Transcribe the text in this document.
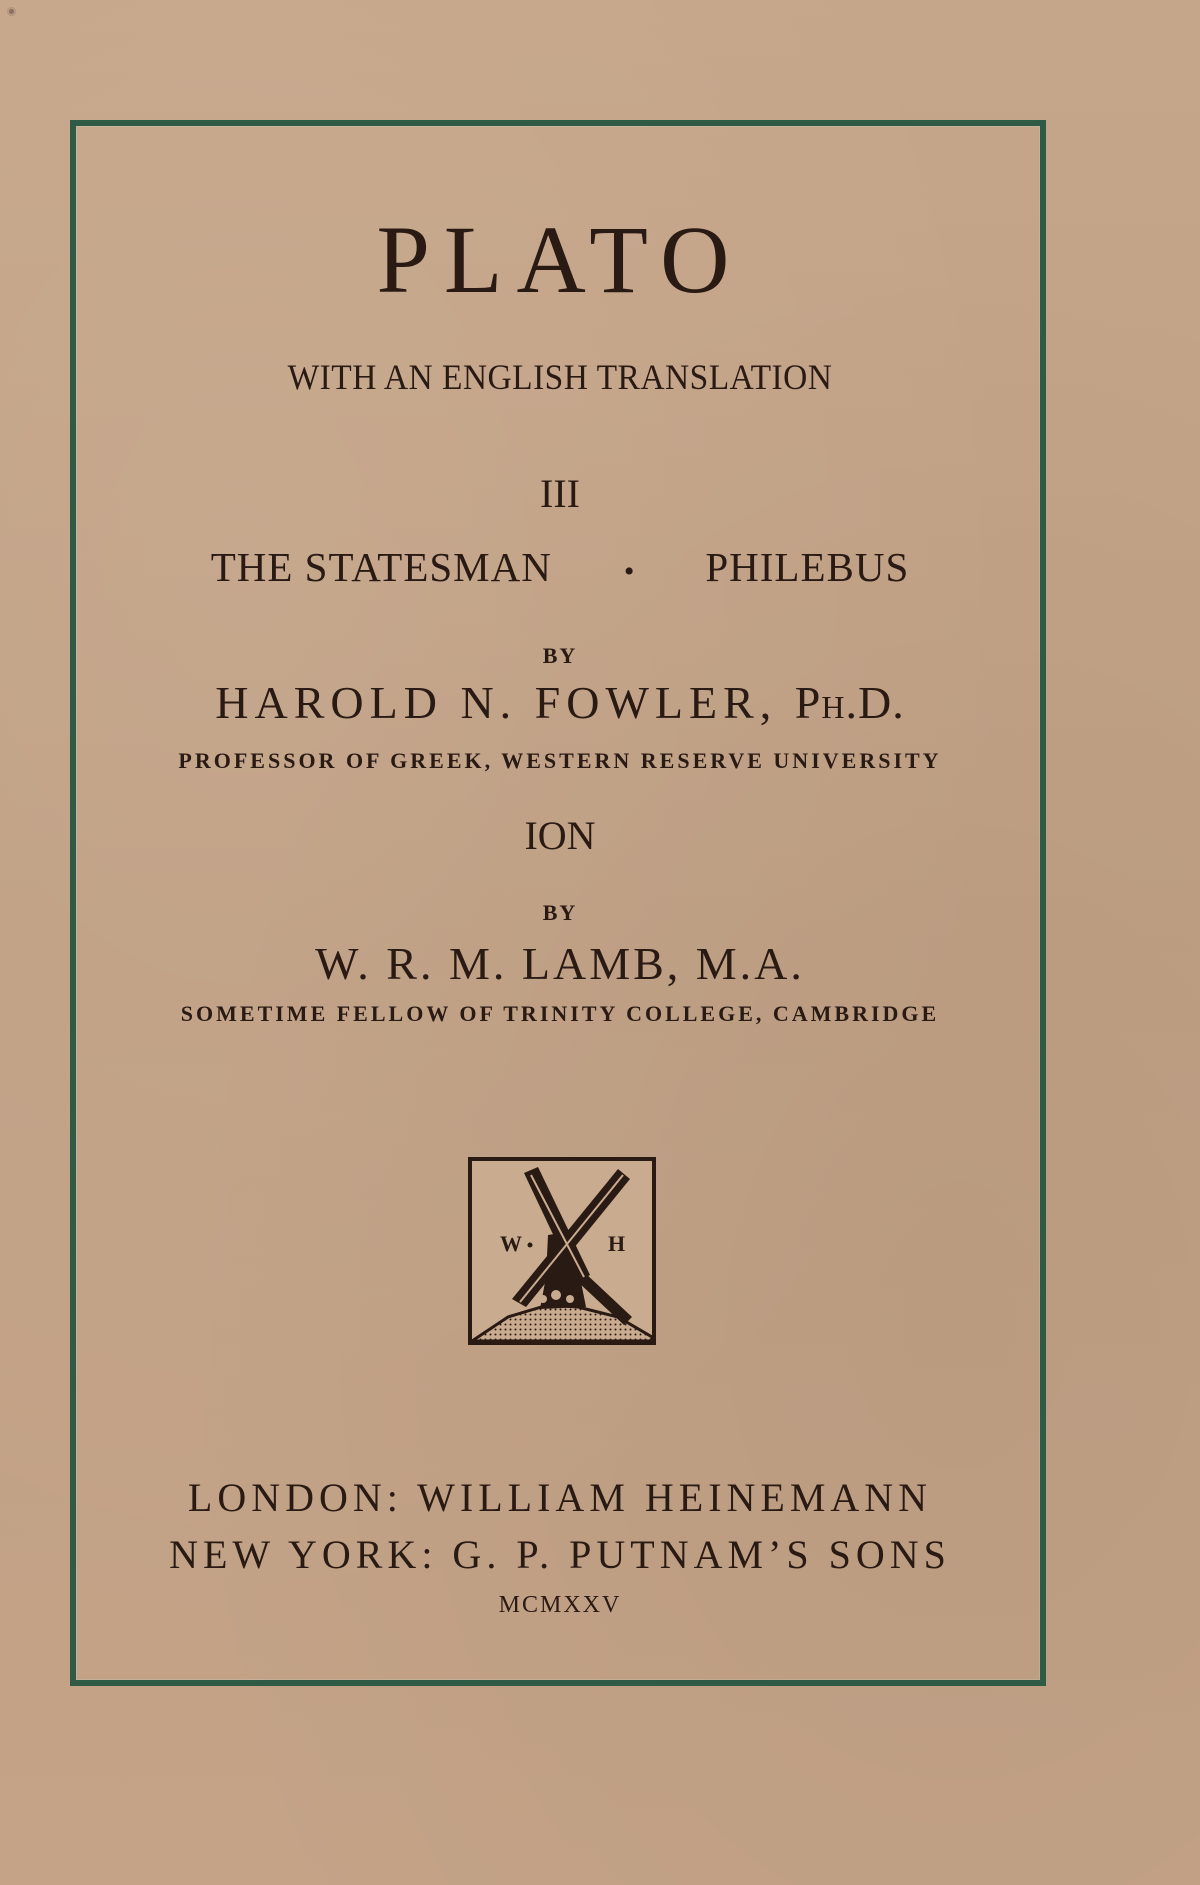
PLATO
WITH AN ENGLISH TRANSLATION
III
THE STATESMAN • PHILEBUS
BY
HAROLD N. FOWLER, Ph.D.
PROFESSOR OF GREEK, WESTERN RESERVE UNIVERSITY
ION
BY
W. R. M. LAMB, M.A.
SOMETIME FELLOW OF TRINITY COLLEGE, CAMBRIDGE
W	H
LONDON: WILLIAM HEINEMANN
NEW YORK: G. P. PUTNAM’S SONS
MCMXXV
